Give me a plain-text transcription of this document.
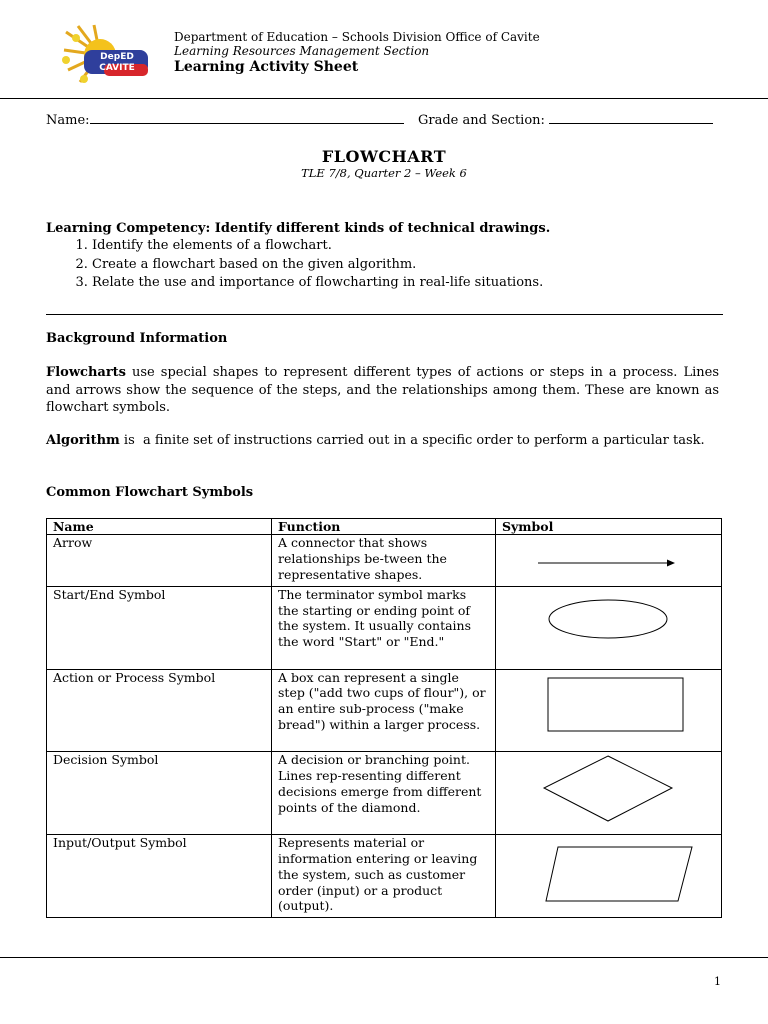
DepED CAVITE
Department of Education – Schools Division Office of Cavite
Learning Resources Management Section
Learning Activity Sheet
Name:	Grade and Section:
FLOWCHART
TLE 7/8, Quarter 2 – Week 6
Learning Competency: Identify different kinds of technical drawings.
1. Identify the elements of a flowchart.
2. Create a flowchart based on the given algorithm.
3. Relate the use and importance of flowcharting in real-life situations.
Background Information
Flowcharts use special shapes to represent different types of actions or steps in a process. Lines and arrows show the sequence of the steps, and the relationships among them. These are known as flowchart symbols.
Algorithm is  a finite set of instructions carried out in a specific order to perform a particular task.
Common Flowchart Symbols
Name	Function	Symbol
Arrow	A connector that shows relationships be-tween the representative shapes.	
Start/End Symbol	The terminator symbol marks the starting or ending point of the system. It usually contains the word "Start" or "End."	
Action or Process Symbol	A box can represent a single step ("add two cups of flour"), or an entire sub-process ("make bread") within a larger process.	
Decision Symbol	A decision or branching point. Lines rep-resenting different decisions emerge from different points of the diamond.	
Input/Output Symbol	Represents material or information entering or leaving the system, such as customer order (input) or a product (output).	
1
